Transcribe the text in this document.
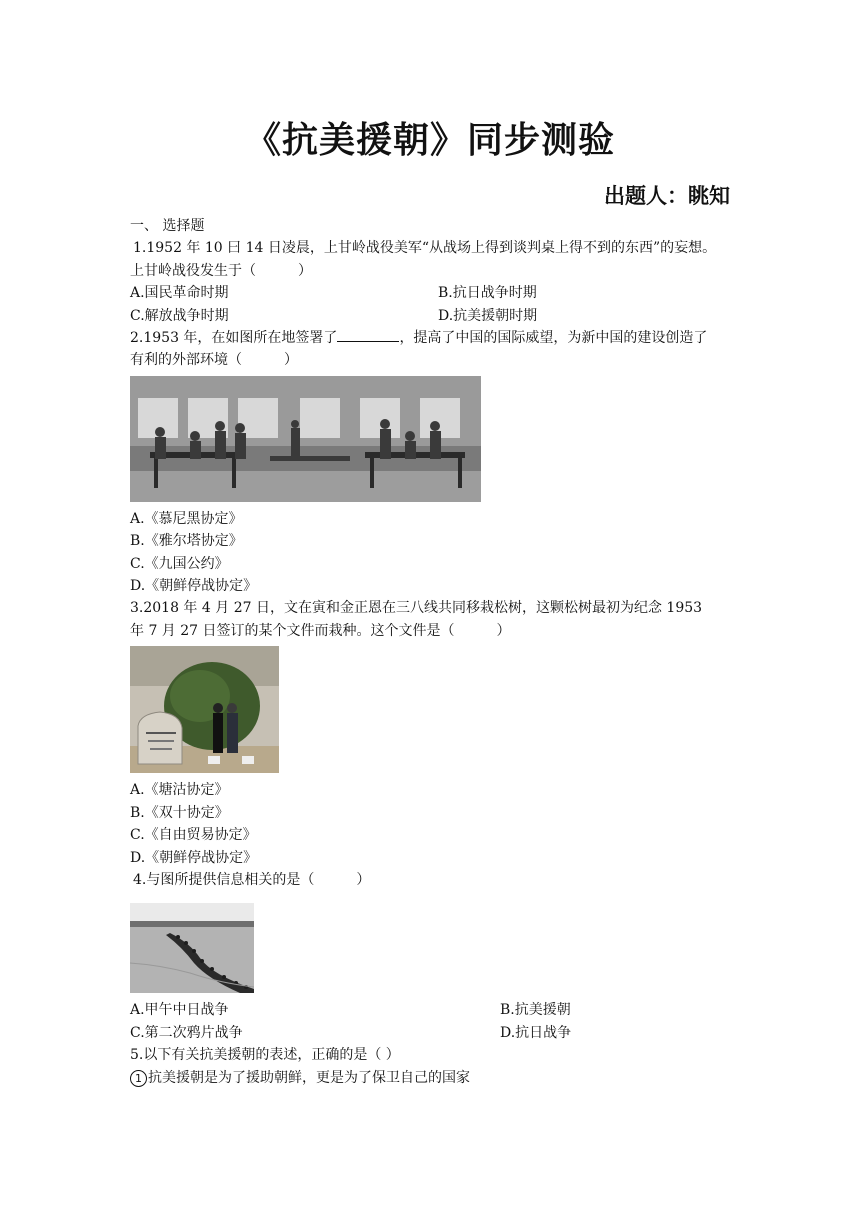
《抗美援朝》同步测验
出题人：眺知
一、 选择题
1.1952 年 10 曰 14 日凌晨，上甘岭战役美军“从战场上得到谈判桌上得不到的东西”的妄想。
上甘岭战役发生于（	）
A.国民革命时期	B.抗日战争时期
C.解放战争时期	D.抗美援朝时期
2.1953 年，在如图所在地签署了	，提高了中国的国际威望，为新中国的建设创造了
有利的外部环境（	）
A.《慕尼黑协定》
B.《雅尔塔协定》
C.《九国公约》
D.《朝鲜停战协定》
3.2018 年 4 月 27 日，文在寅和金正恩在三八线共同移栽松树，这颗松树最初为纪念 1953
年 7 月 27 日签订的某个文件而栽种。这个文件是（	）
A.《塘沽协定》
B.《双十协定》
C.《自由贸易协定》
D.《朝鲜停战协定》
4.与图所提供信息相关的是（	）
A.甲午中日战争	B.抗美援朝
C.第二次鸦片战争	D.抗日战争
5.以下有关抗美援朝的表述，正确的是（ ）
1 抗美援朝是为了援助朝鲜，更是为了保卫自己的国家
